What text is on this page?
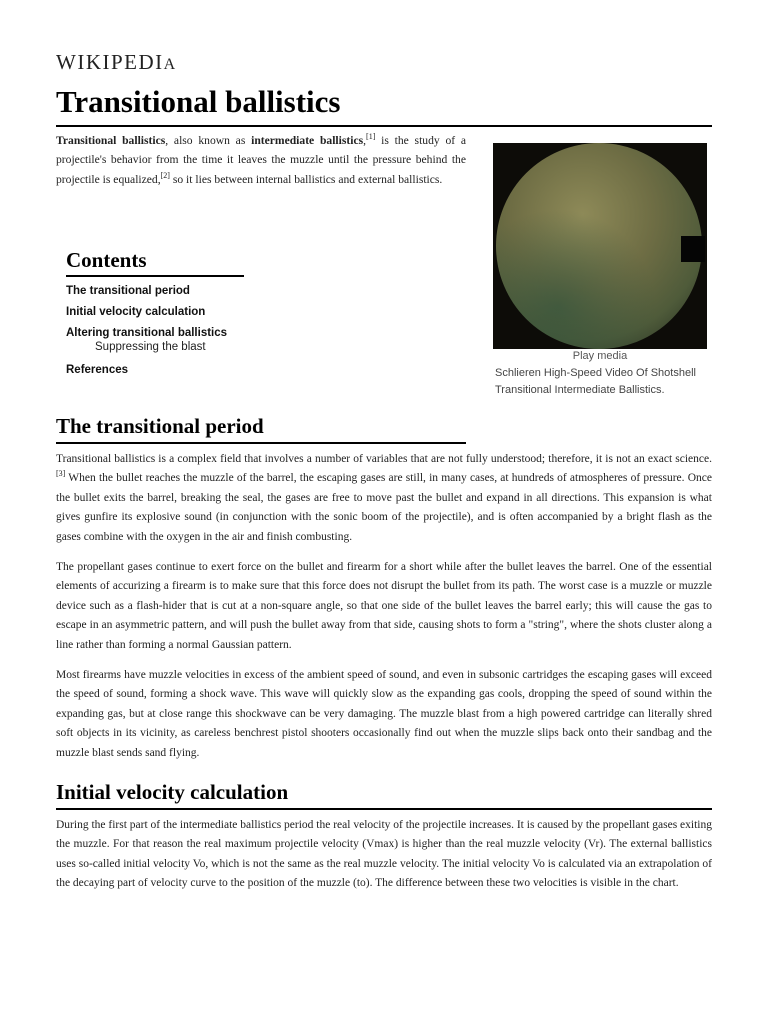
WIKIPEDIA
Transitional ballistics

Transitional ballistics, also known as intermediate ballistics,[1] is the study of a projectile's behavior from the time it leaves the muzzle until the pressure behind the projectile is equalized,[2] so it lies between internal ballistics and external ballistics.

Play media
Schlieren High-Speed Video Of Shotshell Transitional Intermediate Ballistics.
Contents
The transitional period
Initial velocity calculation
Altering transitional ballistics
Suppressing the blast
References
The transitional period

Transitional ballistics is a complex field that involves a number of variables that are not fully understood; therefore, it is not an exact science.[3] When the bullet reaches the muzzle of the barrel, the escaping gases are still, in many cases, at hundreds of atmospheres of pressure. Once the bullet exits the barrel, breaking the seal, the gases are free to move past the bullet and expand in all directions. This expansion is what gives gunfire its explosive sound (in conjunction with the sonic boom of the projectile), and is often accompanied by a bright flash as the gases combine with the oxygen in the air and finish combusting.

The propellant gases continue to exert force on the bullet and firearm for a short while after the bullet leaves the barrel. One of the essential elements of accurizing a firearm is to make sure that this force does not disrupt the bullet from its path. The worst case is a muzzle or muzzle device such as a flash-hider that is cut at a non-square angle, so that one side of the bullet leaves the barrel early; this will cause the gas to escape in an asymmetric pattern, and will push the bullet away from that side, causing shots to form a "string", where the shots cluster along a line rather than forming a normal Gaussian pattern.

Most firearms have muzzle velocities in excess of the ambient speed of sound, and even in subsonic cartridges the escaping gases will exceed the speed of sound, forming a shock wave. This wave will quickly slow as the expanding gas cools, dropping the speed of sound within the expanding gas, but at close range this shockwave can be very damaging. The muzzle blast from a high powered cartridge can literally shred soft objects in its vicinity, as careless benchrest pistol shooters occasionally find out when the muzzle slips back onto their sandbag and the muzzle blast sends sand flying.

Initial velocity calculation

During the first part of the intermediate ballistics period the real velocity of the projectile increases. It is caused by the propellant gases exiting the muzzle. For that reason the real maximum projectile velocity (Vmax) is higher than the real muzzle velocity (Vr). The external ballistics uses so-called initial velocity Vo, which is not the same as the real muzzle velocity. The initial velocity Vo is calculated via an extrapolation of the decaying part of velocity curve to the position of the muzzle (to). The difference between these two velocities is visible in the chart.
